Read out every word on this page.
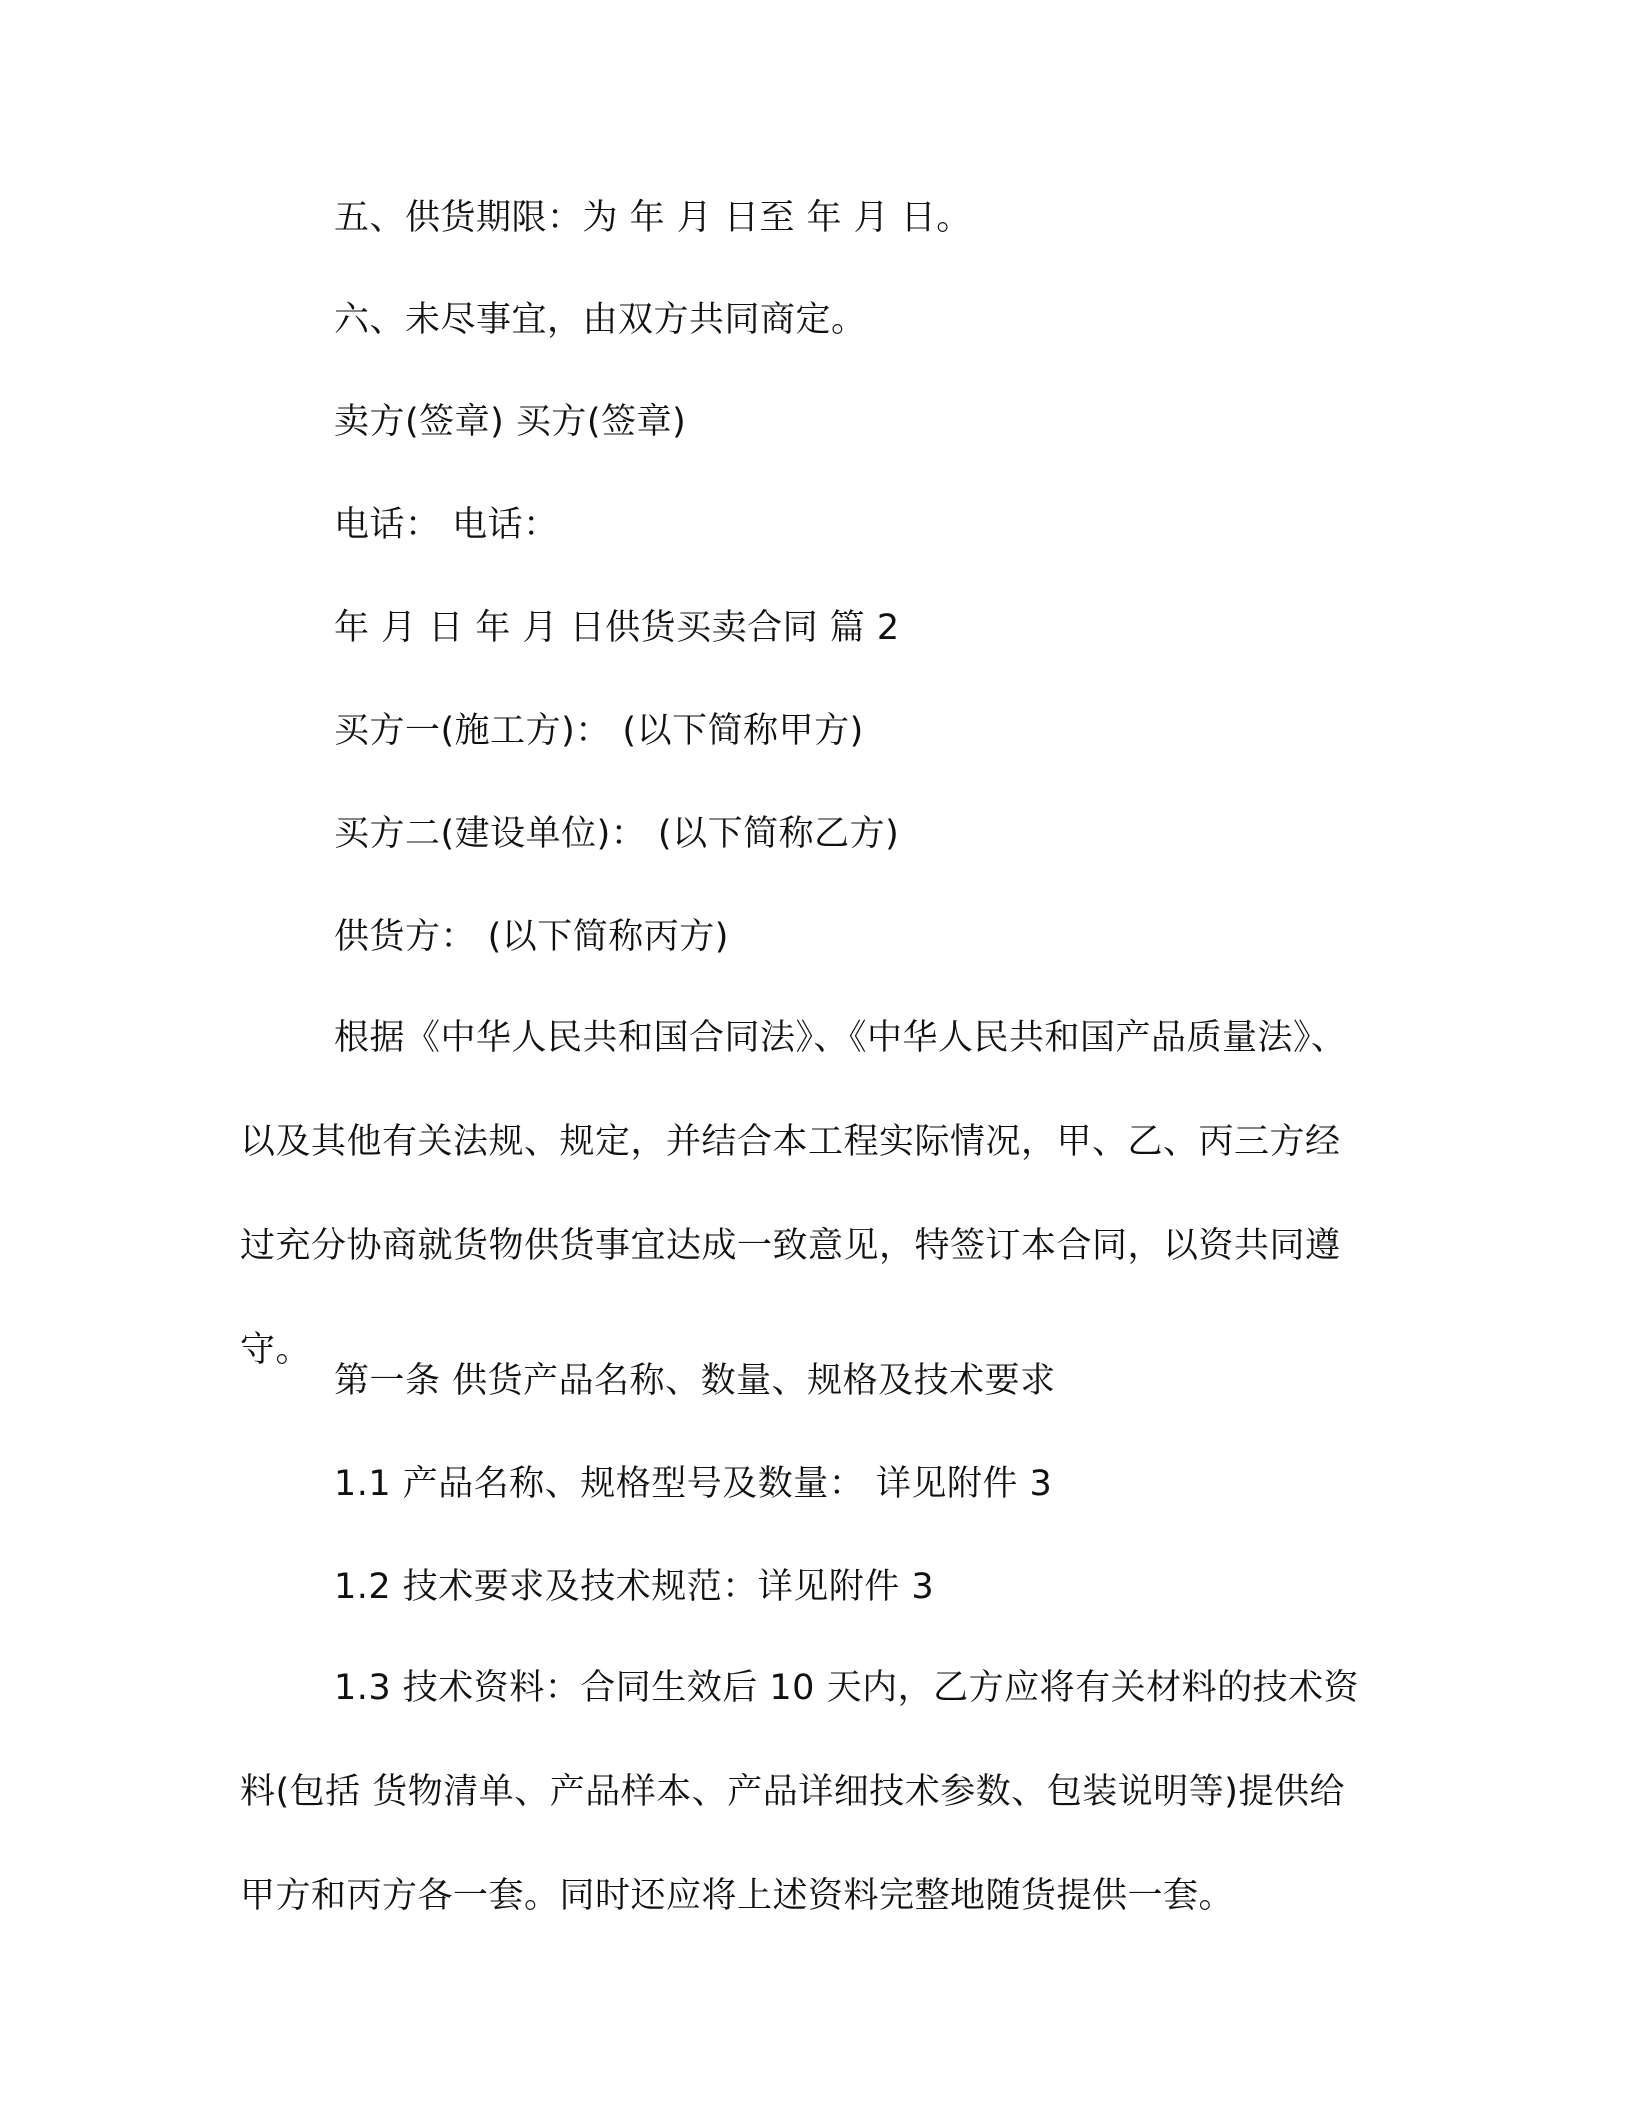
五、供货期限：为 年 月 日至 年 月 日。
六、未尽事宜，由双方共同商定。
卖方(签章) 买方(签章)
电话： 电话：
年 月 日 年 月 日供货买卖合同 篇 2
买方一(施工方)： (以下简称甲方)
买方二(建设单位)： (以下简称乙方)
供货方： (以下简称丙方)
根据《中华人民共和国合同法》、《中华人民共和国产品质量法》、以及其他有关法规、规定，并结合本工程实际情况，甲、乙、丙三方经过充分协商就货物供货事宜达成一致意见，特签订本合同，以资共同遵守。
第一条 供货产品名称、数量、规格及技术要求
1.1 产品名称、规格型号及数量： 详见附件 3
1.2 技术要求及技术规范：详见附件 3
1.3 技术资料：合同生效后 10 天内，乙方应将有关材料的技术资料(包括 货物清单、产品样本、产品详细技术参数、包装说明等)提供给甲方和丙方各一套。同时还应将上述资料完整地随货提供一套。
